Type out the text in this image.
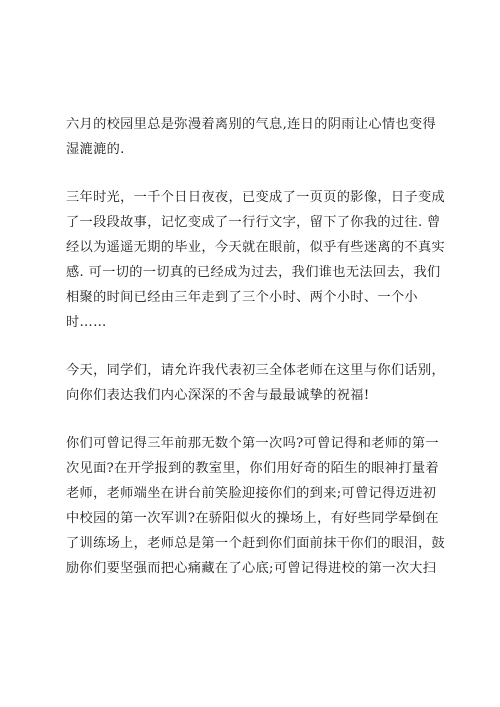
六月的校园里总是弥漫着离别的气息,连日的阴雨让心情也变得
湿漉漉的.

三年时光，一千个日日夜夜，已变成了一页页的影像，日子变成
了一段段故事，记忆变成了一行行文字，留下了你我的过往. 曾
经以为遥遥无期的毕业，今天就在眼前，似乎有些迷离的不真实
感. 可一切的一切真的已经成为过去，我们谁也无法回去，我们
相聚的时间已经由三年走到了三个小时、两个小时、一个小
时……

今天，同学们，请允许我代表初三全体老师在这里与你们话别，
向你们表达我们内心深深的不舍与最最诚挚的祝福!

你们可曾记得三年前那无数个第一次吗?可曾记得和老师的第一
次见面?在开学报到的教室里，你们用好奇的陌生的眼神打量着
老师，老师端坐在讲台前笑脸迎接你们的到来;可曾记得迈进初
中校园的第一次军训?在骄阳似火的操场上，有好些同学晕倒在
了训练场上，老师总是第一个赶到你们面前抹干你们的眼泪，鼓
励你们要坚强而把心痛藏在了心底;可曾记得进校的第一次大扫
